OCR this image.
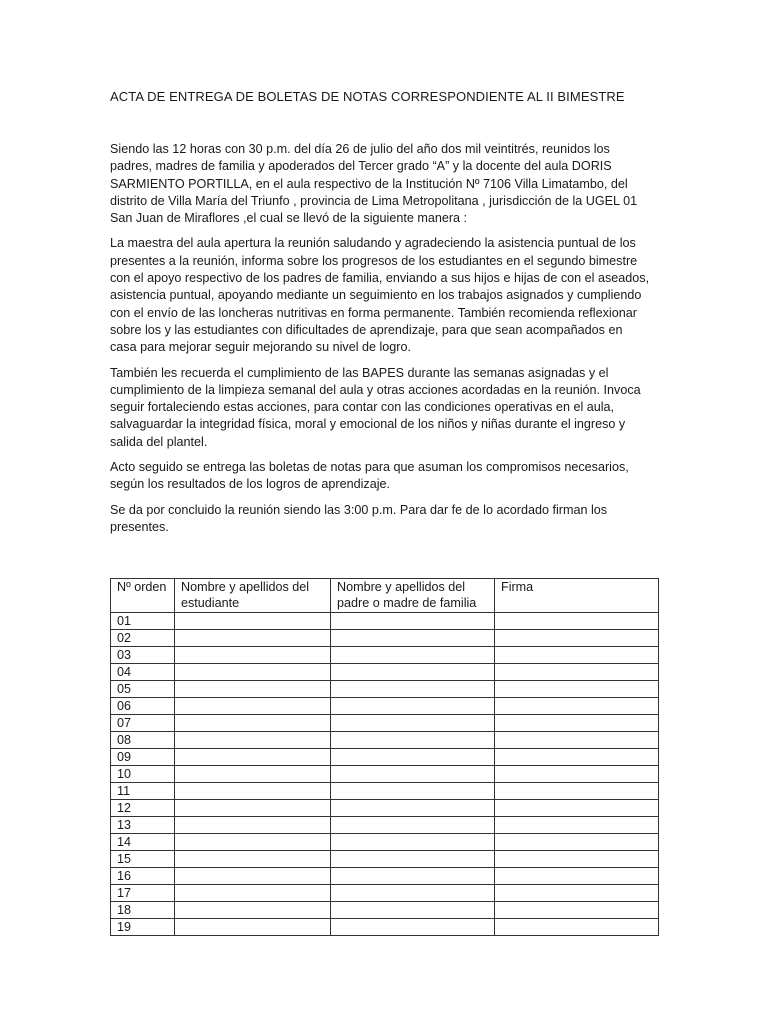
ACTA DE ENTREGA DE BOLETAS DE NOTAS CORRESPONDIENTE AL II BIMESTRE

Siendo las 12 horas con 30 p.m. del día 26 de julio del año dos mil veintitrés, reunidos los
padres, madres de familia y apoderados del Tercer grado “A” y la docente del aula DORIS
SARMIENTO PORTILLA, en el aula respectivo de la Institución Nº 7106 Villa Limatambo, del
distrito de Villa María del Triunfo , provincia de Lima Metropolitana , jurisdicción de la UGEL 01
San Juan de Miraflores ,el cual se llevó de la siguiente manera :

La maestra del aula apertura la reunión saludando y agradeciendo la asistencia puntual de los
presentes a la reunión, informa sobre los progresos de los estudiantes en el segundo bimestre
con el apoyo respectivo de los padres de familia, enviando a sus hijos e hijas de con el aseados,
asistencia puntual, apoyando mediante un seguimiento en los trabajos asignados y cumpliendo
con el envío de las loncheras nutritivas en forma permanente. También recomienda reflexionar
sobre los y las estudiantes con dificultades de aprendizaje, para que sean acompañados en
casa para mejorar seguir mejorando su nivel de logro.

También les recuerda el cumplimiento de las BAPES durante las semanas asignadas y el
cumplimiento de la limpieza semanal del aula y otras acciones acordadas en la reunión. Invoca
seguir fortaleciendo estas acciones, para contar con las condiciones operativas en el aula,
salvaguardar la integridad física, moral y emocional de los niños y niñas durante el ingreso y
salida del plantel.

Acto seguido se entrega las boletas de notas para que asuman los compromisos necesarios,
según los resultados de los logros de aprendizaje.

Se da por concluido la reunión siendo las 3:00 p.m. Para dar fe de lo acordado firman los
presentes.

Nº orden	Nombre y apellidos del estudiante	Nombre y apellidos del padre o madre de familia	Firma
01			
02			
03			
04			
05			
06			
07			
08			
09			
10			
11			
12			
13			
14			
15			
16			
17			
18			
19			
